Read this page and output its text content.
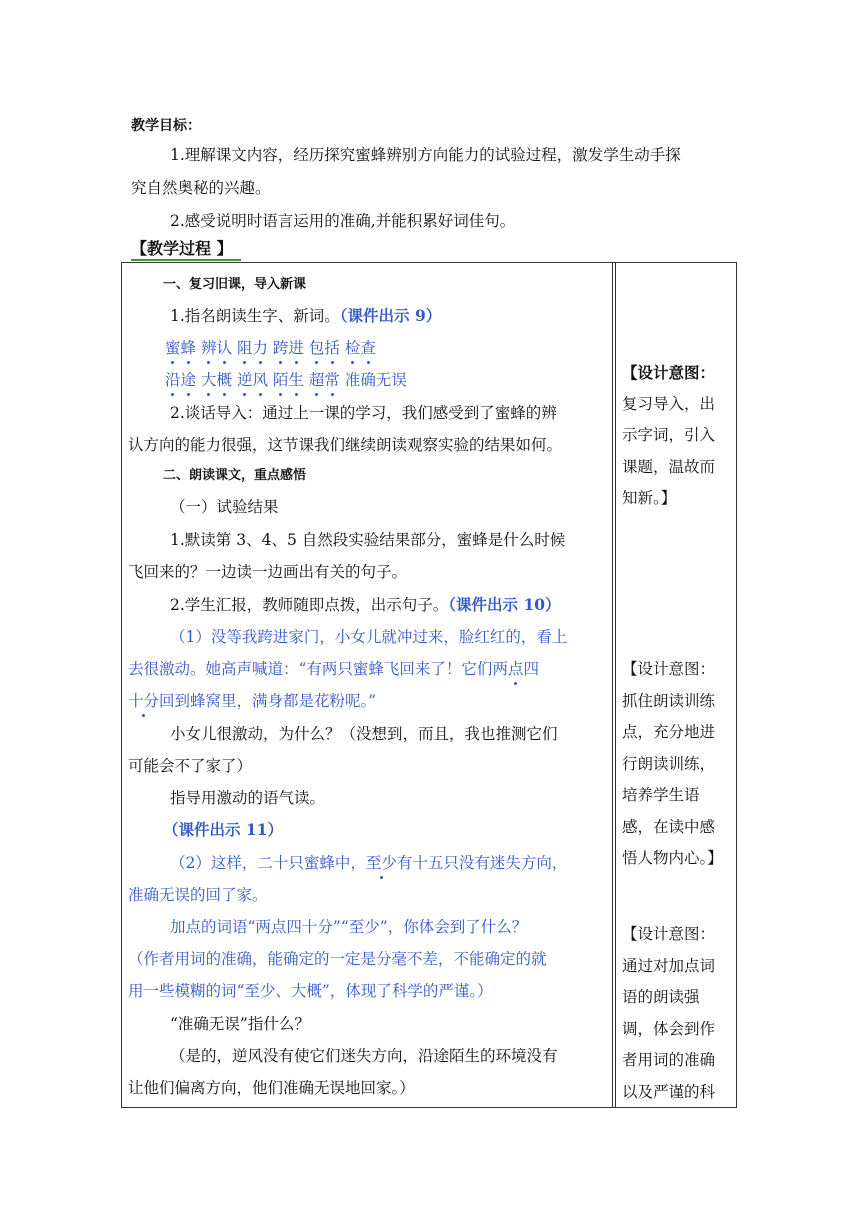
教学目标：
1.理解课文内容，经历探究蜜蜂辨别方向能力的试验过程，激发学生动手探
究自然奥秘的兴趣。
2.感受说明时语言运用的准确,并能积累好词佳句。
【教学过程 】
一、复习旧课，导入新课
1.指名朗读生字、新词。（课件出示 9）
蜜蜂 辨认 阻力 跨进 包括 检查
沿途 大概 逆风 陌生 超常 准确无误
2.谈话导入：通过上一课的学习，我们感受到了蜜蜂的辨
认方向的能力很强，这节课我们继续朗读观察实验的结果如何。
二、朗读课文，重点感悟
（一）试验结果
1.默读第 3、4、5 自然段实验结果部分，蜜蜂是什么时候
飞回来的？一边读一边画出有关的句子。
2.学生汇报，教师随即点拨，出示句子。（课件出示 10）
（1）没等我跨进家门，小女儿就冲过来，脸红红的，看上
去很激动。她高声喊道：“有两只蜜蜂飞回来了！它们两点四
十分回到蜂窝里，满身都是花粉呢。”
小女儿很激动，为什么？（没想到，而且，我也推测它们
可能会不了家了）
指导用激动的语气读。
（课件出示 11）
（2）这样，二十只蜜蜂中，至少有十五只没有迷失方向，
准确无误的回了家。
加点的词语“两点四十分”“至少”，你体会到了什么？
（作者用词的准确，能确定的一定是分毫不差，不能确定的就
用一些模糊的词“至少、大概”，体现了科学的严谨。）
“准确无误”指什么？
（是的，逆风没有使它们迷失方向，沿途陌生的环境没有
让他们偏离方向，他们准确无误地回家。）
【设计意图：
复习导入，出
示字词，引入
课题，温故而
知新。】
【设计意图：
抓住朗读训练
点，充分地进
行朗读训练，
培养学生语
感，在读中感
悟人物内心。】
【设计意图：
通过对加点词
语的朗读强
调，体会到作
者用词的准确
以及严谨的科
